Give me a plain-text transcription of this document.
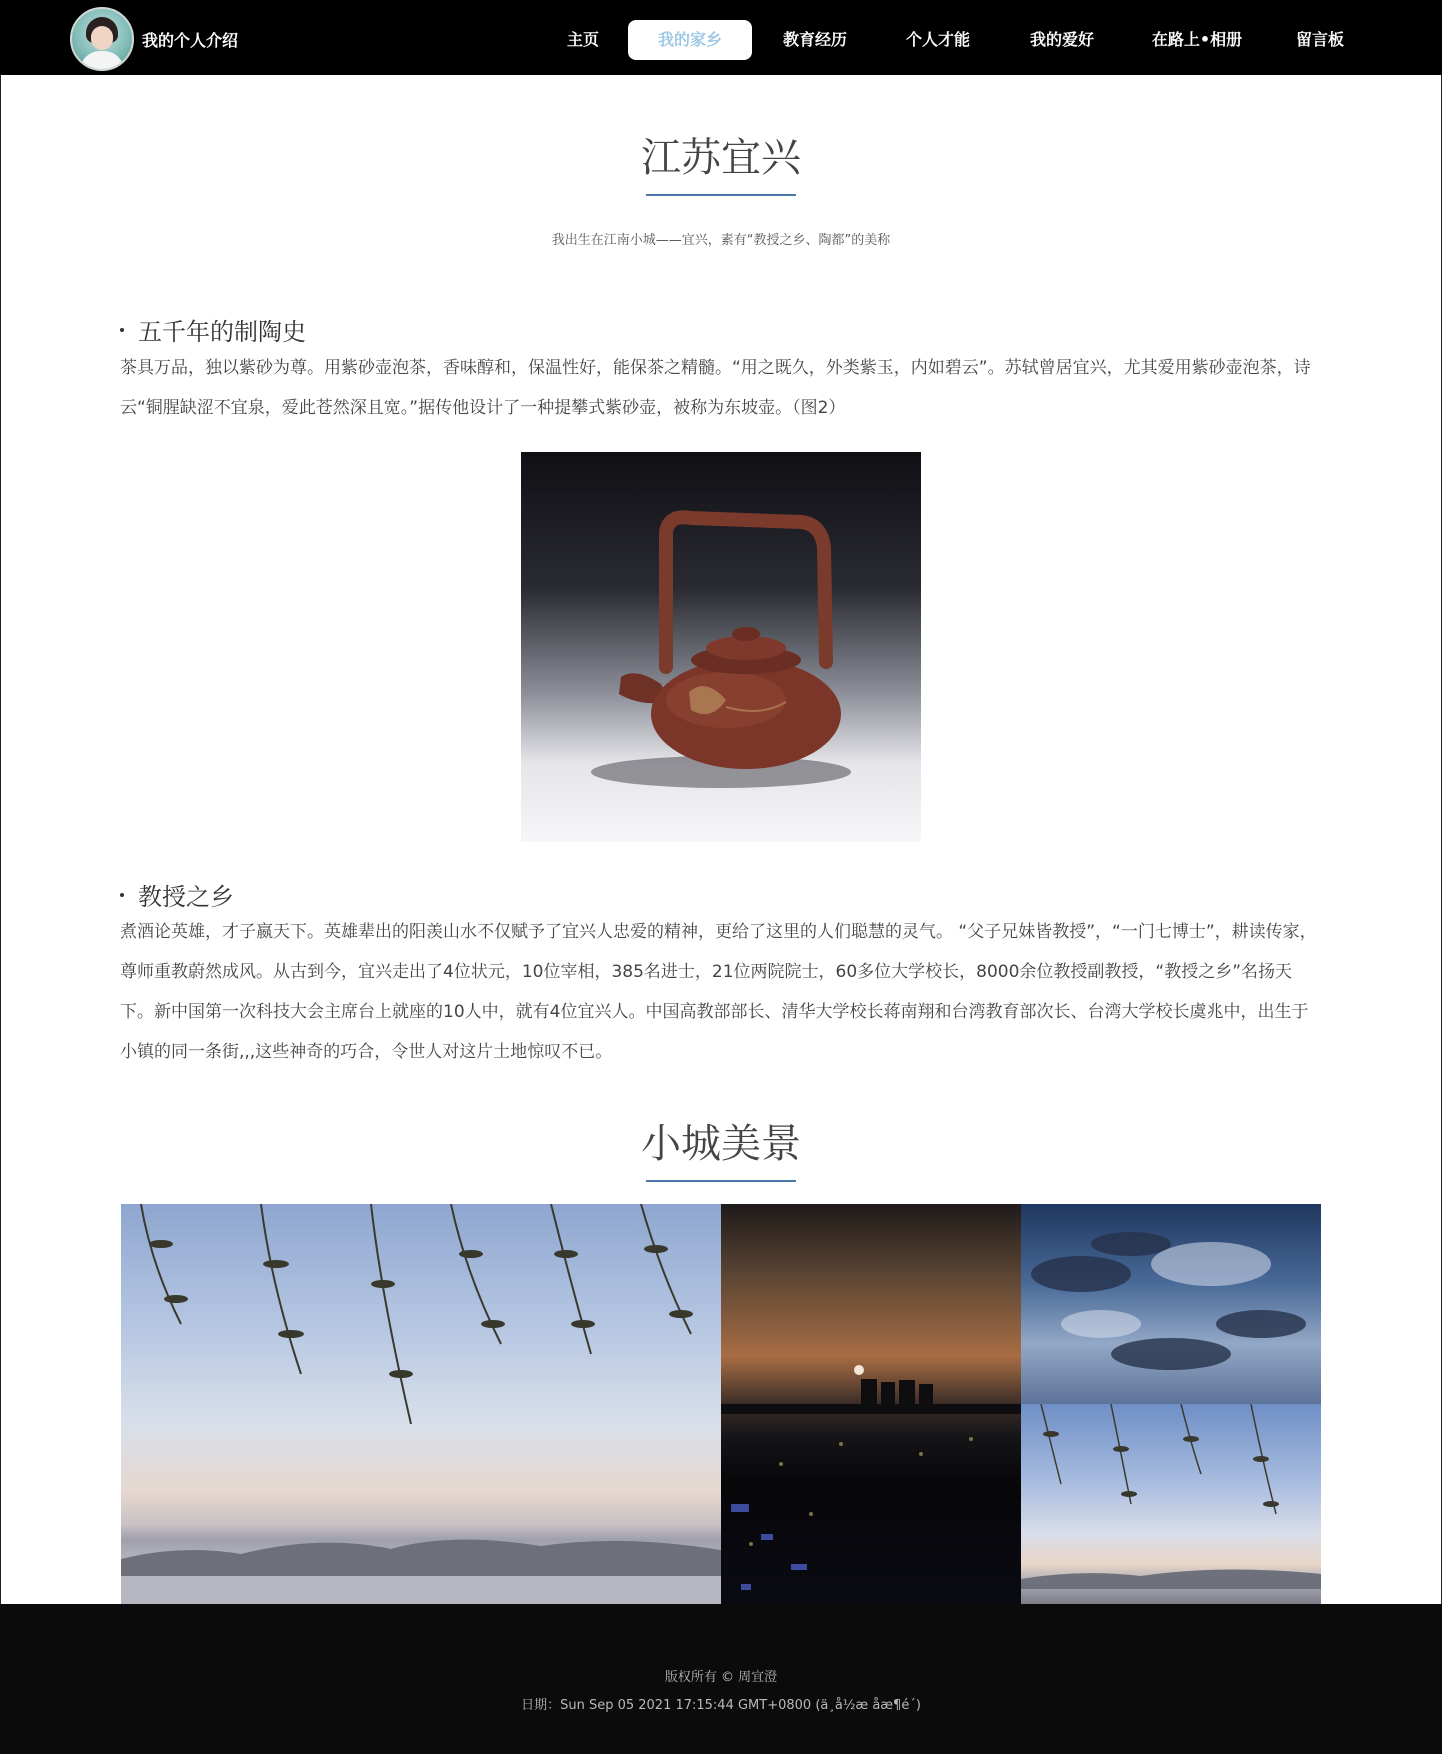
我的个人介绍	主页	我的家乡	教育经历	个人才能	我的爱好	在路上•相册	留言板
江苏宜兴
我出生在江南小城——宜兴，素有“教授之乡、陶都”的美称
五千年的制陶史
茶具万品，独以紫砂为尊。用紫砂壶泡茶，香味醇和，保温性好，能保茶之精髓。“用之既久，外类紫玉，内如碧云”。苏轼曾居宜兴，尤其爱用紫砂壶泡茶，诗云“铜腥缺涩不宜泉，爱此苍然深且宽。”据传他设计了一种提攀式紫砂壶，被称为东坡壶。（图2）
教授之乡
煮酒论英雄，才子嬴天下。英雄辈出的阳羡山水不仅赋予了宜兴人忠爱的精神，更给了这里的人们聪慧的灵气。 “父子兄妹皆教授”，“一门七博士”，耕读传家，尊师重教蔚然成风。从古到今，宜兴走出了4位状元，10位宰相，385名进士，21位两院院士，60多位大学校长，8000余位教授副教授，“教授之乡”名扬天下。新中国第一次科技大会主席台上就座的10人中，就有4位宜兴人。中国高教部部长、清华大学校长蒋南翔和台湾教育部次长、台湾大学校长虞兆中，出生于小镇的同一条街,,,这些神奇的巧合，令世人对这片土地惊叹不已。
小城美景
版权所有 © 周宜澄
日期：Sun Sep 05 2021 17:15:44 GMT+0800 (ä¸å½æ åæ¶é´)
